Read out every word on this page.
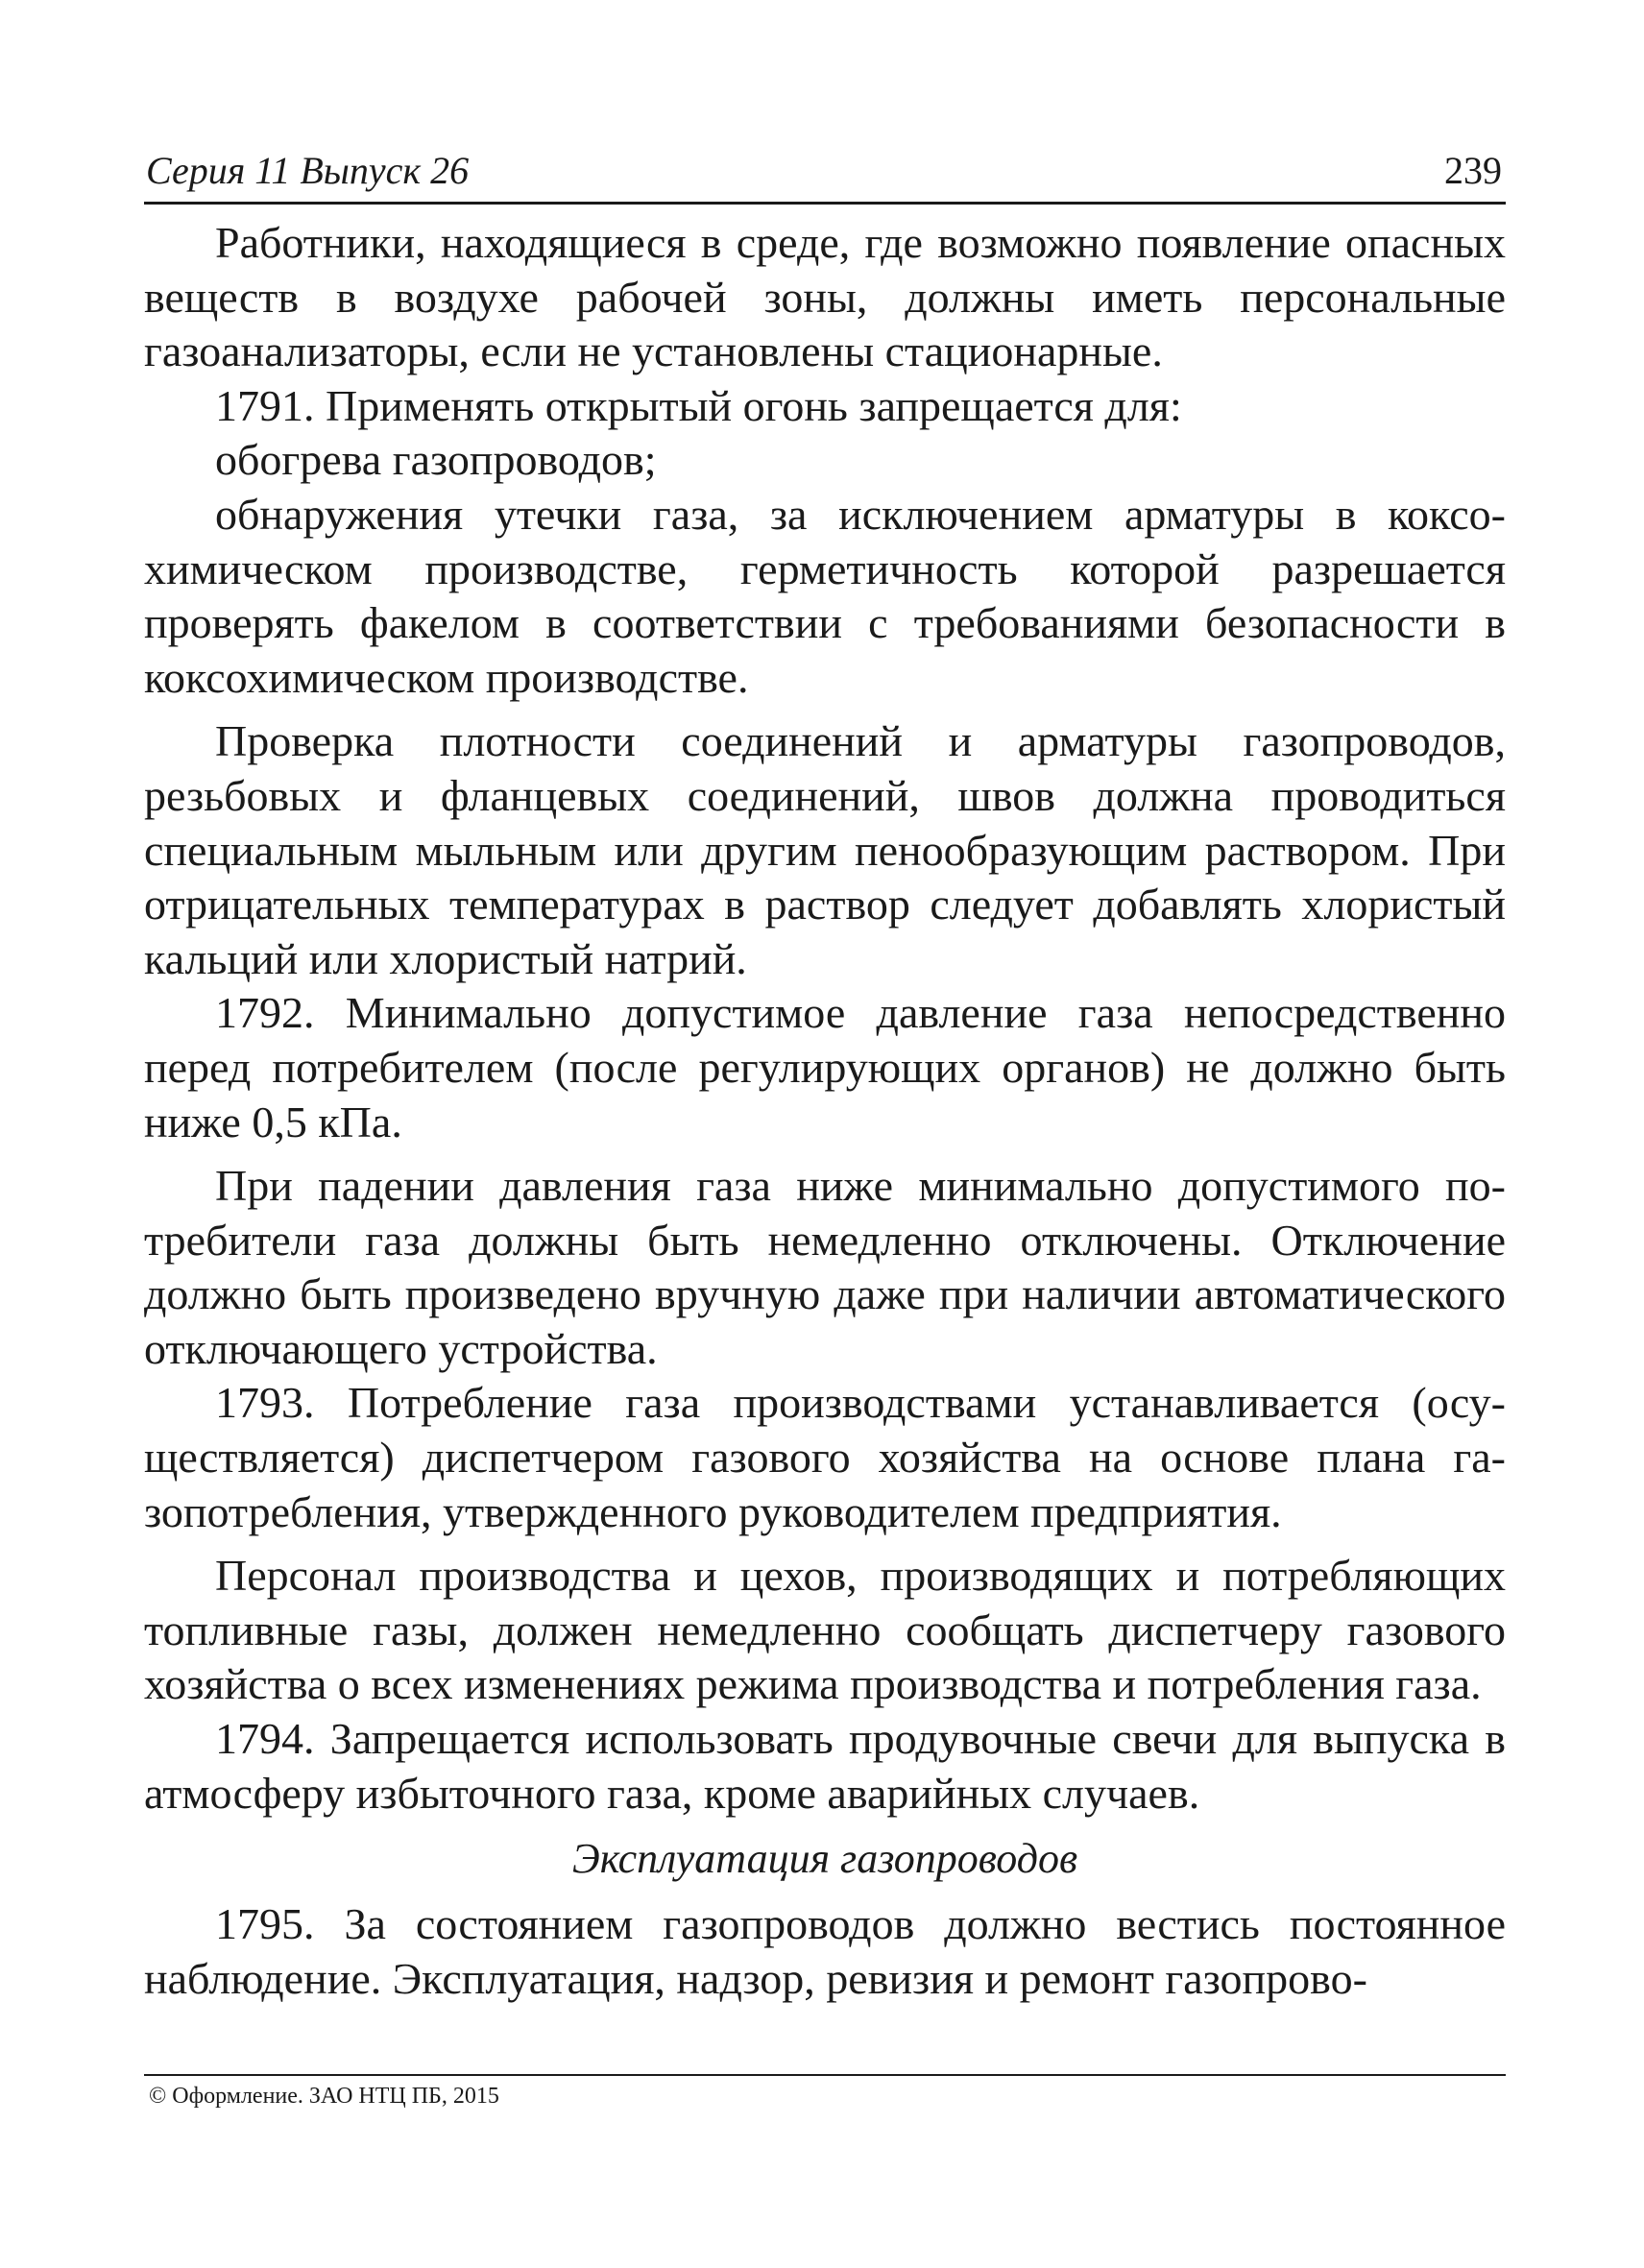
Серия 11 Выпуск 26	239

Работники, находящиеся в среде, где возможно появление опасных веществ в воздухе рабочей зоны, должны иметь персональные газоанализаторы, если не установлены стационарные.

1791. Применять открытый огонь запрещается для:

обогрева газопроводов;

обнаружения утечки газа, за исключением арматуры в коксохимическом производстве, герметичность которой разрешается проверять факелом в соответствии с требованиями безопасности в коксохимическом производстве.

Проверка плотности соединений и арматуры газопроводов, резьбовых и фланцевых соединений, швов должна проводиться специальным мыльным или другим пенообразующим раствором. При отрицательных температурах в раствор следует добавлять хлористый кальций или хлористый натрий.

1792. Минимально допустимое давление газа непосредственно перед потребителем (после регулирующих органов) не должно быть ниже 0,5 кПа.

При падении давления газа ниже минимально допустимого потребители газа должны быть немедленно отключены. Отключение должно быть произведено вручную даже при наличии автоматического отключающего устройства.

1793. Потребление газа производствами устанавливается (осуществляется) диспетчером газового хозяйства на основе плана газопотребления, утвержденного руководителем предприятия.

Персонал производства и цехов, производящих и потребляющих топливные газы, должен немедленно сообщать диспетчеру газового хозяйства о всех изменениях режима производства и потребления газа.

1794. Запрещается использовать продувочные свечи для выпуска в атмосферу избыточного газа, кроме аварийных случаев.

Эксплуатация газопроводов

1795. За состоянием газопроводов должно вестись постоянное наблюдение. Эксплуатация, надзор, ревизия и ремонт газопрово-

© Оформление. ЗАО НТЦ ПБ, 2015
